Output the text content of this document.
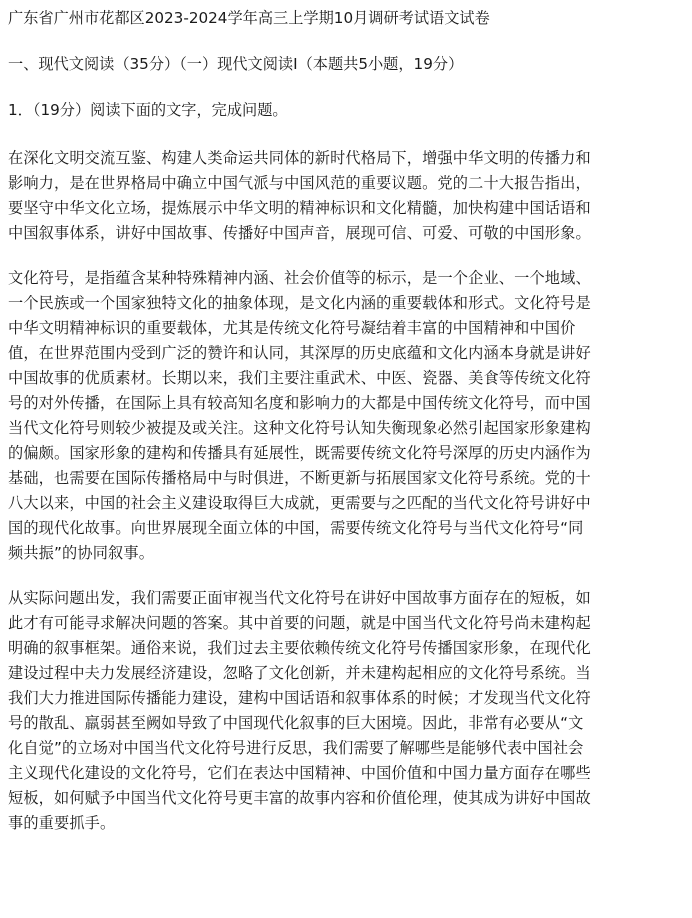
广东省广州市花都区2023-2024学年高三上学期10月调研考试语文试卷

一、现代文阅读（35分）（一）现代文阅读I（本题共5小题，19分）

1．（19分）阅读下面的文字，完成问题。

在深化文明交流互鉴、构建人类命运共同体的新时代格局下，增强中华文明的传播力和
影响力，是在世界格局中确立中国气派与中国风范的重要议题。党的二十大报告指出，
要坚守中华文化立场，提炼展示中华文明的精神标识和文化精髓，加快构建中国话语和
中国叙事体系，讲好中国故事、传播好中国声音，展现可信、可爱、可敬的中国形象。
文化符号，是指蕴含某种特殊精神内涵、社会价值等的标示，是一个企业、一个地域、
一个民族或一个国家独特文化的抽象体现，是文化内涵的重要载体和形式。文化符号是
中华文明精神标识的重要载体，尤其是传统文化符号凝结着丰富的中国精神和中国价
值，在世界范围内受到广泛的赞许和认同，其深厚的历史底蕴和文化内涵本身就是讲好
中国故事的优质素材。长期以来，我们主要注重武术、中医、瓷器、美食等传统文化符
号的对外传播，在国际上具有较高知名度和影响力的大都是中国传统文化符号，而中国
当代文化符号则较少被提及或关注。这种文化符号认知失衡现象必然引起国家形象建构
的偏颇。国家形象的建构和传播具有延展性，既需要传统文化符号深厚的历史内涵作为
基础，也需要在国际传播格局中与时俱进，不断更新与拓展国家文化符号系统。党的十
八大以来，中国的社会主义建设取得巨大成就，更需要与之匹配的当代文化符号讲好中
国的现代化故事。向世界展现全面立体的中国，需要传统文化符号与当代文化符号“同
频共振”的协同叙事。
从实际问题出发，我们需要正面审视当代文化符号在讲好中国故事方面存在的短板，如
此才有可能寻求解决问题的答案。其中首要的问题，就是中国当代文化符号尚未建构起
明确的叙事框架。通俗来说，我们过去主要依赖传统文化符号传播国家形象，在现代化
建设过程中夫力发展经济建设，忽略了文化创新，并未建构起相应的文化符号系统。当
我们大力推进国际传播能力建设，建构中国话语和叙事体系的时候；才发现当代文化符
号的散乱、羸弱甚至阙如导致了中国现代化叙事的巨大困境。因此，非常有必要从“文
化自觉”的立场对中国当代文化符号进行反思，我们需要了解哪些是能够代表中国社会
主义现代化建设的文化符号，它们在表达中国精神、中国价值和中国力量方面存在哪些
短板，如何赋予中国当代文化符号更丰富的故事内容和价值伦理，使其成为讲好中国故
事的重要抓手。
